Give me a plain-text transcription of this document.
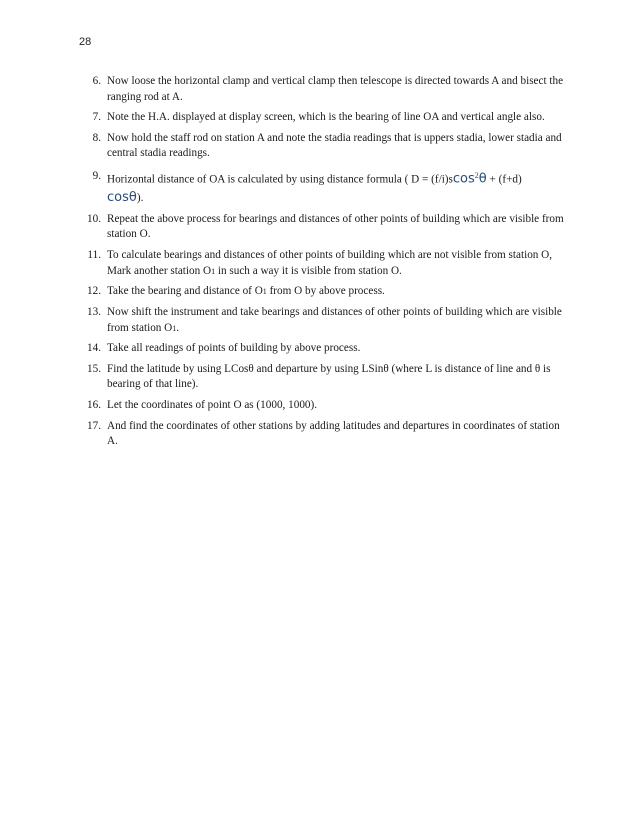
28
6. Now loose the horizontal clamp and vertical clamp then telescope is directed towards A and bisect the ranging rod at A.
7. Note the H.A. displayed at display screen, which is the bearing of line OA and vertical angle also.
8. Now hold the staff rod on station A and note the stadia readings that is uppers stadia, lower stadia and central stadia readings.
9. Horizontal distance of OA is calculated by using distance formula ( D = (f/i)scos$^2$θ + (f+d)
cosθ).
10. Repeat the above process for bearings and distances of other points of building which are visible from station O.
11. To calculate bearings and distances of other points of building which are not visible from station O, Mark another station O1 in such a way it is visible from station O.
12. Take the bearing and distance of O1 from O by above process.
13. Now shift the instrument and take bearings and distances of other points of building which are visible from station O1.
14. Take all readings of points of building by above process.
15. Find the latitude by using LCosθ and departure by using LSinθ (where L is distance of line and θ is bearing of that line).
16. Let the coordinates of point O as (1000, 1000).
17. And find the coordinates of other stations by adding latitudes and departures in coordinates of station A.
